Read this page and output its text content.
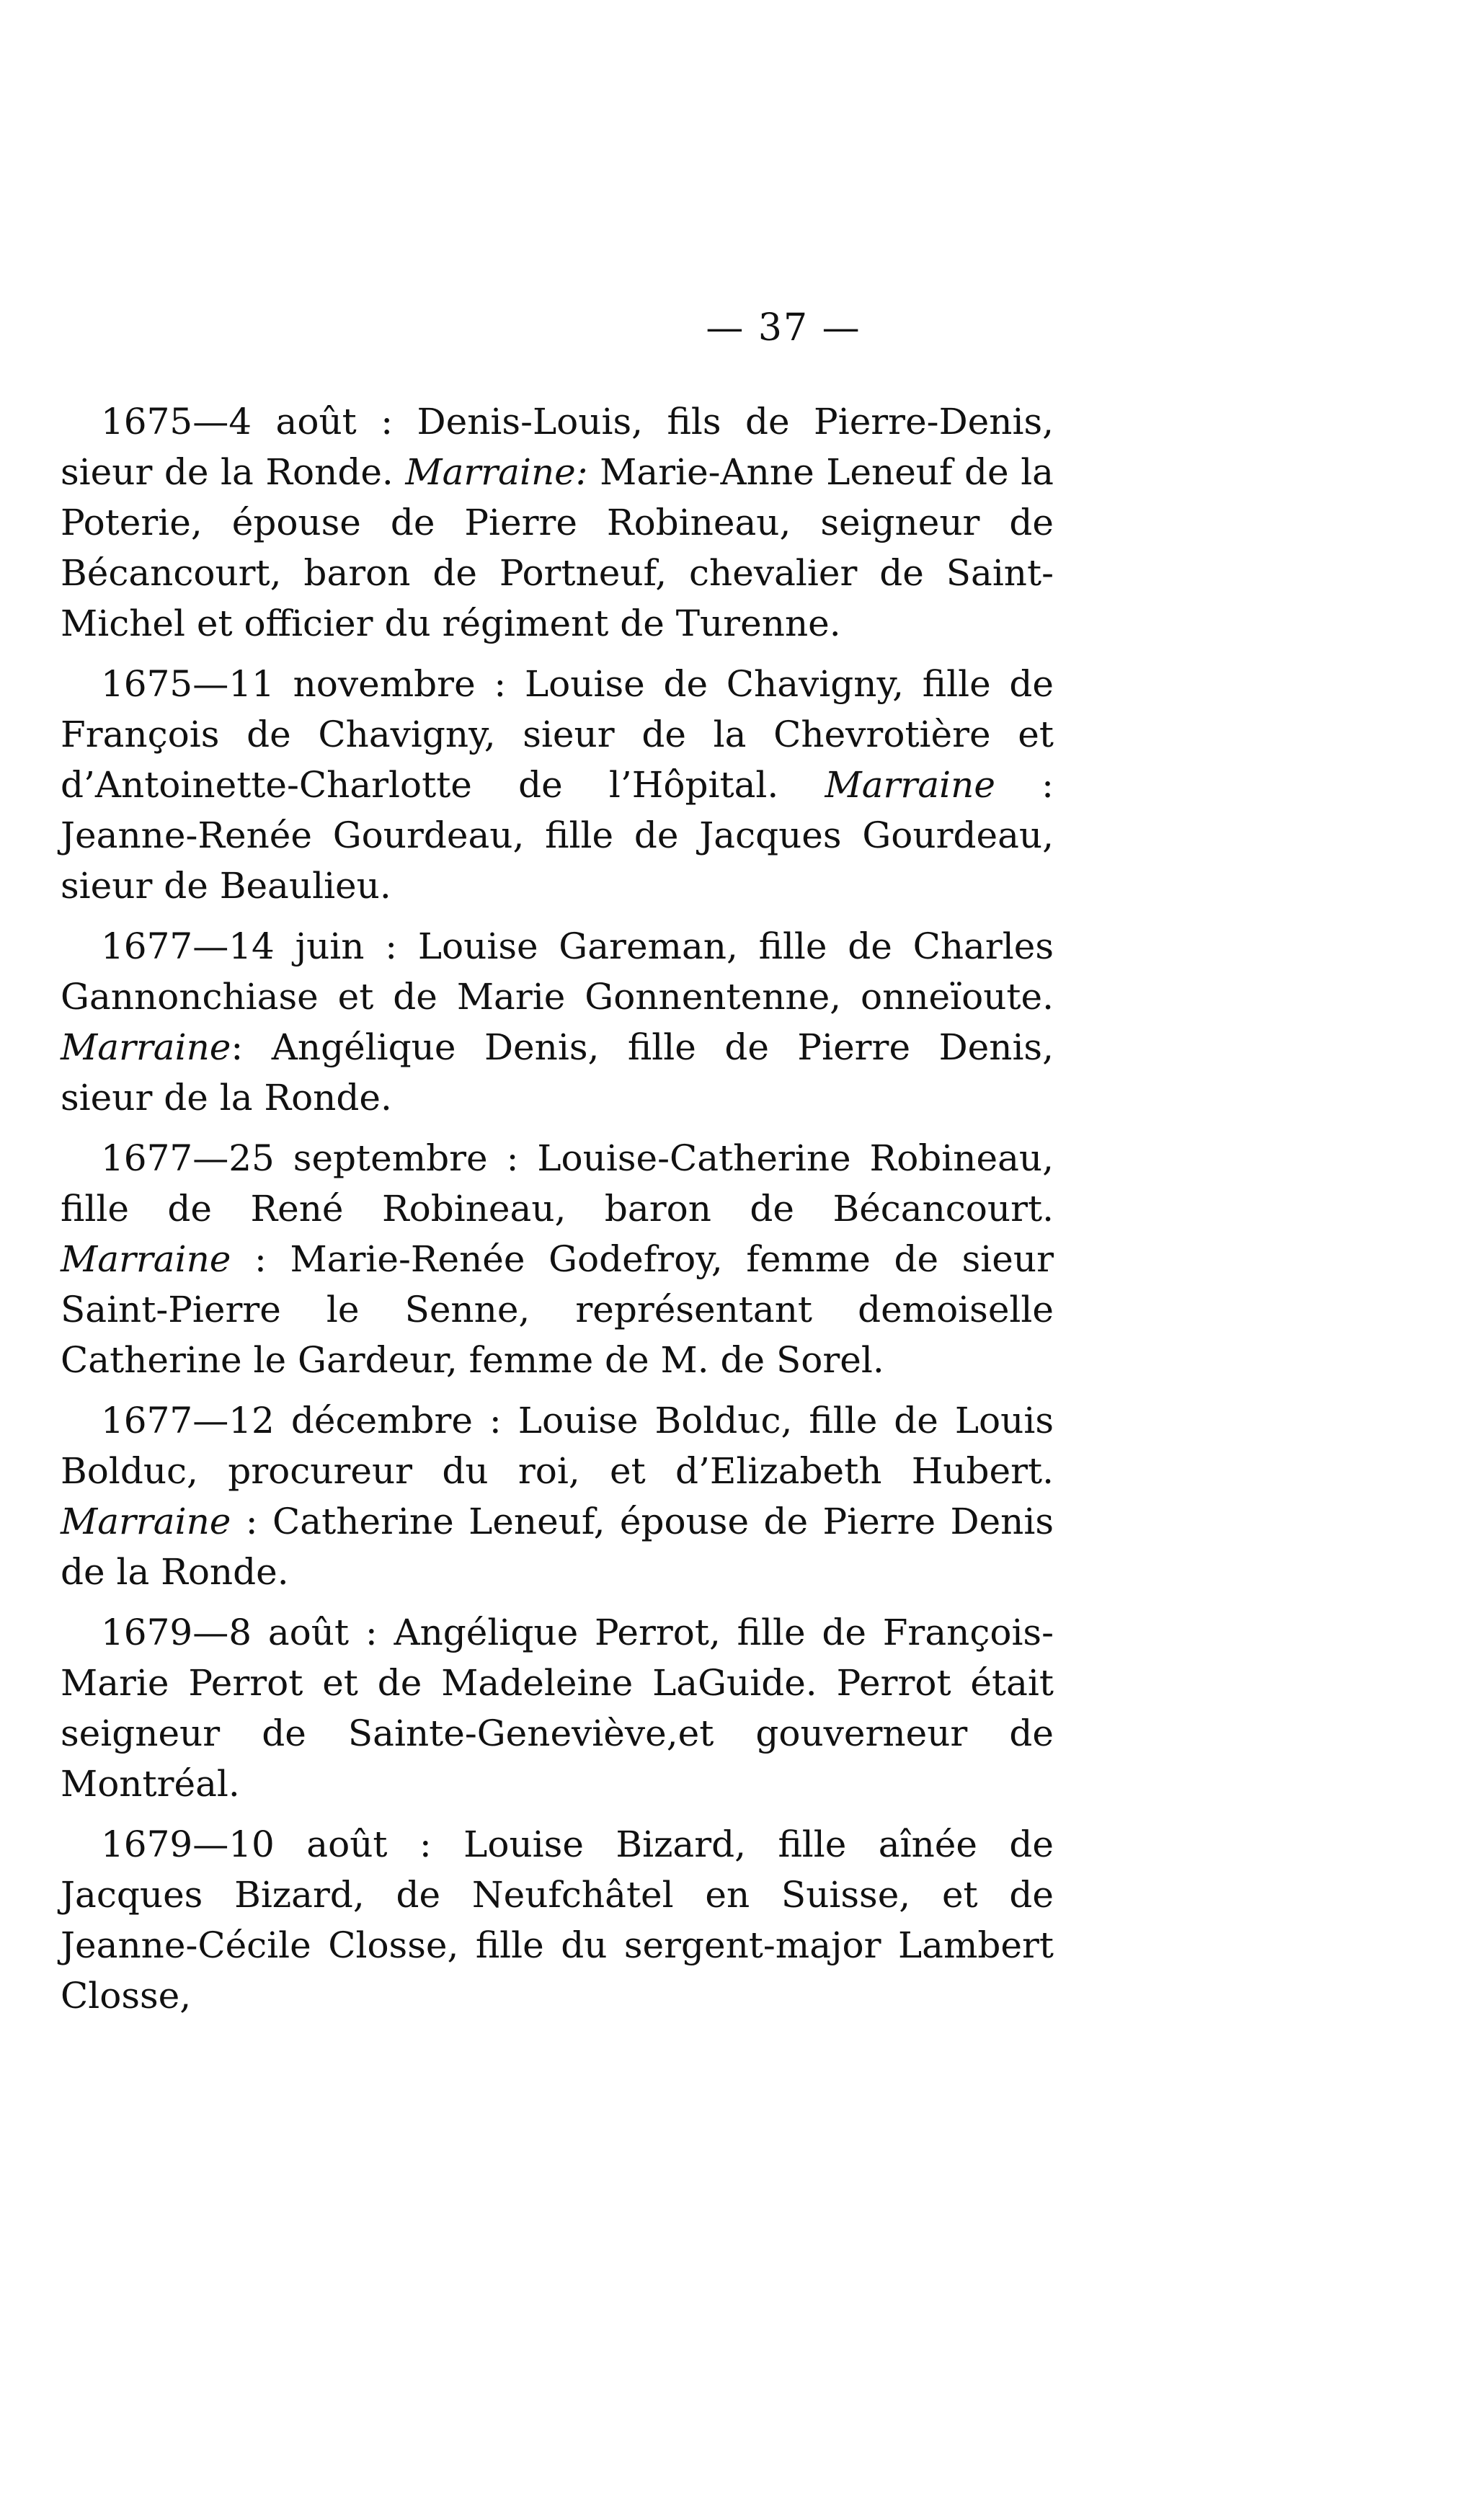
— 37 —

1675—4 août : Denis-Louis, fils de Pierre-Denis, sieur de la Ronde. Marraine: Marie-Anne Leneuf de la Poterie, épouse de Pierre Robineau, seigneur de Bécancourt, baron de Portneuf, chevalier de Saint-Michel et officier du régiment de Turenne.

1675—11 novembre : Louise de Chavigny, fille de François de Chavigny, sieur de la Chevrotière et d’Antoinette-Charlotte de l’Hôpital. Marraine : Jeanne-Renée Gourdeau, fille de Jacques Gourdeau, sieur de Beaulieu.

1677—14 juin : Louise Gareman, fille de Charles Gannonchiase et de Marie Gonnentenne, onneïoute. Marraine: Angélique Denis, fille de Pierre Denis, sieur de la Ronde.

1677—25 septembre : Louise-Catherine Robineau, fille de René Robineau, baron de Bécancourt. Marraine : Marie-Renée Godefroy, femme de sieur Saint-Pierre le Senne, représentant demoiselle Catherine le Gardeur, femme de M. de Sorel.

1677—12 décembre : Louise Bolduc, fille de Louis Bolduc, procureur du roi, et d’Elizabeth Hubert. Marraine : Catherine Leneuf, épouse de Pierre Denis de la Ronde.

1679—8 août : Angélique Perrot, fille de François-Marie Perrot et de Madeleine LaGuide. Perrot était seigneur de Sainte-Geneviève,et gouverneur de Montréal.

1679—10 août : Louise Bizard, fille aînée de Jacques Bizard, de Neufchâtel en Suisse, et de Jeanne-Cécile Closse, fille du sergent-major Lambert Closse,
